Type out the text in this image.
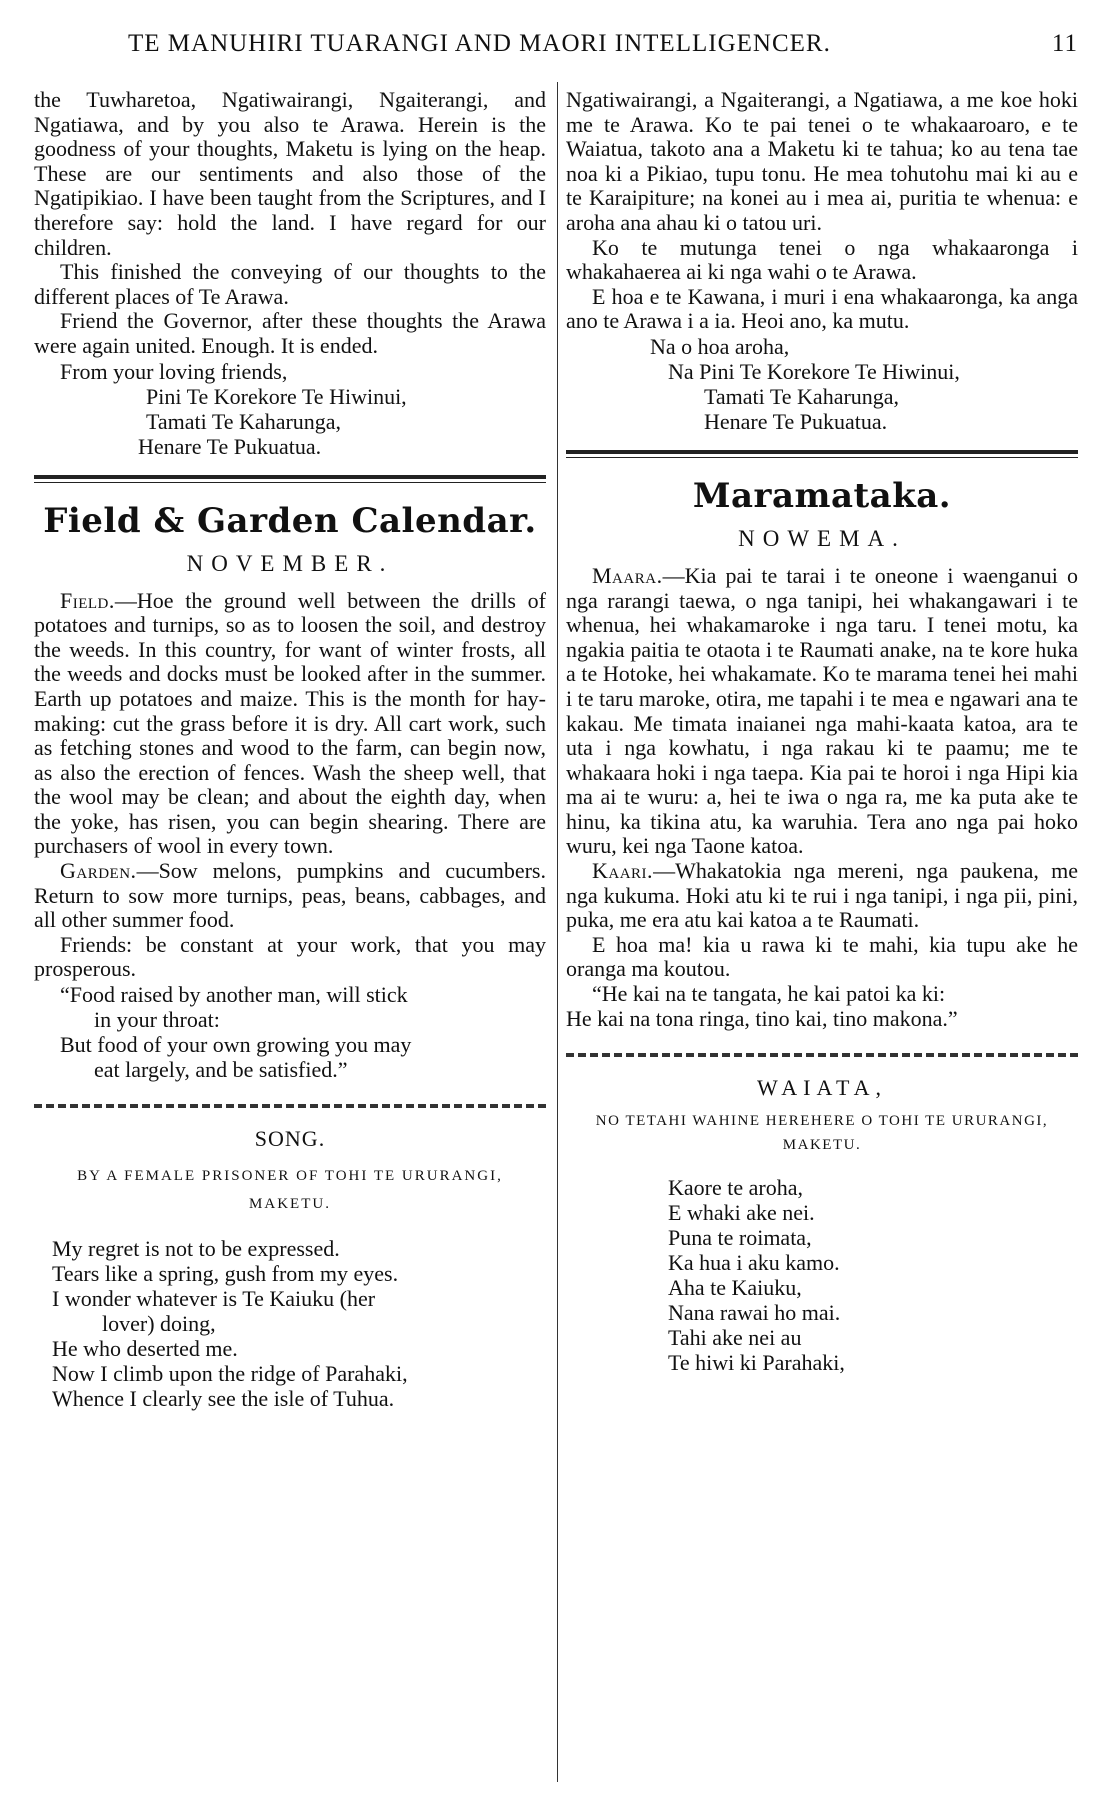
TE MANUHIRI TUARANGI AND MAORI INTELLIGENCER.	11

the Tuwharetoa, Ngatiwairangi, Ngaiterangi, and Ngatiawa, and by you also te Arawa. Herein is the goodness of your thoughts, Maketu is lying on the heap. These are our sentiments and also those of the Ngatipikiao. I have been taught from the Scriptures, and I therefore say: hold the land. I have regard for our children.

This finished the conveying of our thoughts to the different places of Te Arawa.

Friend the Governor, after these thoughts the Arawa were again united. Enough. It is ended.

From your loving friends,

Pini Te Korekore Te Hiwinui,

Tamati Te Kaharunga,

Henare Te Pukuatua.

Field & Garden Calendar.
NOVEMBER.

Field.—Hoe the ground well between the drills of potatoes and turnips, so as to loosen the soil, and destroy the weeds. In this country, for want of winter frosts, all the weeds and docks must be looked after in the summer. Earth up potatoes and maize. This is the month for hay-making: cut the grass before it is dry. All cart work, such as fetching stones and wood to the farm, can begin now, as also the erection of fences. Wash the sheep well, that the wool may be clean; and about the eighth day, when the yoke, has risen, you can begin shearing. There are purchasers of wool in every town.

Garden.—Sow melons, pumpkins and cucumbers. Return to sow more turnips, peas, beans, cabbages, and all other summer food.

Friends: be constant at your work, that you may prosperous.

“Food raised by another man, will stick

in your throat:

But food of your own growing you may

eat largely, and be satisfied.”

SONG.
BY A FEMALE PRISONER OF TOHI TE URURANGI, MAKETU.

My regret is not to be expressed.

Tears like a spring, gush from my eyes.

I wonder whatever is Te Kaiuku (her

lover) doing,

He who deserted me.

Now I climb upon the ridge of Parahaki,

Whence I clearly see the isle of Tuhua.

Ngatiwairangi, a Ngaiterangi, a Ngatiawa, a me koe hoki me te Arawa. Ko te pai tenei o te whakaaroaro, e te Waiatua, takoto ana a Maketu ki te tahua; ko au tena tae noa ki a Pikiao, tupu tonu. He mea tohutohu mai ki au e te Karaipiture; na konei au i mea ai, puritia te whenua: e aroha ana ahau ki o tatou uri.

Ko te mutunga tenei o nga whakaaronga i whakahaerea ai ki nga wahi o te Arawa.

E hoa e te Kawana, i muri i ena whakaaronga, ka anga ano te Arawa i a ia. Heoi ano, ka mutu.

Na o hoa aroha,

Na Pini Te Korekore Te Hiwinui,

Tamati Te Kaharunga,

Henare Te Pukuatua.

Maramataka.
NOWEMA.

Maara.—Kia pai te tarai i te oneone i waenganui o nga rarangi taewa, o nga tanipi, hei whakangawari i te whenua, hei whakamaroke i nga taru. I tenei motu, ka ngakia paitia te otaota i te Raumati anake, na te kore huka a te Hotoke, hei whakamate. Ko te marama tenei hei mahi i te taru maroke, otira, me tapahi i te mea e ngawari ana te kakau. Me timata inaianei nga mahi-kaata katoa, ara te uta i nga kowhatu, i nga rakau ki te paamu; me te whakaara hoki i nga taepa. Kia pai te horoi i nga Hipi kia ma ai te wuru: a, hei te iwa o nga ra, me ka puta ake te hinu, ka tikina atu, ka waruhia. Tera ano nga pai hoko wuru, kei nga Taone katoa.

Kaari.—Whakatokia nga mereni, nga paukena, me nga kukuma. Hoki atu ki te rui i nga tanipi, i nga pii, pini, puka, me era atu kai katoa a te Raumati.

E hoa ma! kia u rawa ki te mahi, kia tupu ake he oranga ma koutou.

“He kai na te tangata, he kai patoi ka ki:

He kai na tona ringa, tino kai, tino makona.”

WAIATA,
NO TETAHI WAHINE HEREHERE O TOHI TE URURANGI, MAKETU.

Kaore te aroha,

E whaki ake nei.

Puna te roimata,

Ka hua i aku kamo.

Aha te Kaiuku,

Nana rawai ho mai.

Tahi ake nei au

Te hiwi ki Parahaki,
